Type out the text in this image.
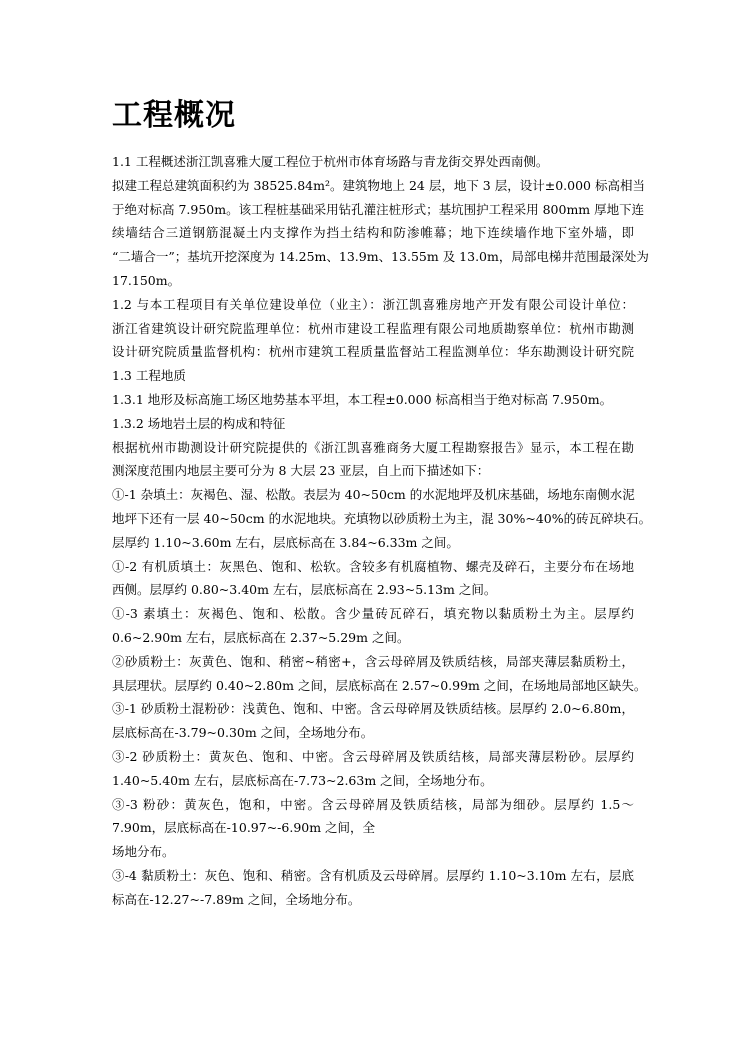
工程概况
1.1 工程概述浙江凯喜雅大厦工程位于杭州市体育场路与青龙街交界处西南侧。
拟建工程总建筑面积约为 38525.84m²。建筑物地上 24 层，地下 3 层，设计±0.000 标高相当
于绝对标高 7.950m。该工程桩基础采用钻孔灌注桩形式；基坑围护工程采用 800mm 厚地下连
续墙结合三道钢筋混凝土内支撑作为挡土结构和防渗帷幕；地下连续墙作地下室外墙，即
“二墙合一”；基坑开挖深度为 14.25m、13.9m、13.55m 及 13.0m，局部电梯井范围最深处为
17.150m。
1.2 与本工程项目有关单位建设单位（业主）：浙江凯喜雅房地产开发有限公司设计单位：
浙江省建筑设计研究院监理单位：杭州市建设工程监理有限公司地质勘察单位：杭州市勘测
设计研究院质量监督机构：杭州市建筑工程质量监督站工程监测单位：华东勘测设计研究院
1.3 工程地质
1.3.1 地形及标高施工场区地势基本平坦，本工程±0.000 标高相当于绝对标高 7.950m。
1.3.2 场地岩土层的构成和特征
根据杭州市勘测设计研究院提供的《浙江凯喜雅商务大厦工程勘察报告》显示，本工程在勘
测深度范围内地层主要可分为 8 大层 23 亚层，自上而下描述如下：
①-1 杂填土：灰褐色、湿、松散。表层为 40~50cm 的水泥地坪及机床基础，场地东南侧水泥
地坪下还有一层 40~50cm 的水泥地块。充填物以砂质粉土为主，混 30%~40%的砖瓦碎块石。
层厚约 1.10~3.60m 左右，层底标高在 3.84~6.33m 之间。
①-2 有机质填土：灰黑色、饱和、松软。含较多有机腐植物、螺壳及碎石，主要分布在场地
西侧。层厚约 0.80~3.40m 左右，层底标高在 2.93~5.13m 之间。
①-3 素填土：灰褐色、饱和、松散。含少量砖瓦碎石，填充物以黏质粉土为主。层厚约
0.6~2.90m 左右，层底标高在 2.37~5.29m 之间。
②砂质粉土：灰黄色、饱和、稍密~稍密+，含云母碎屑及铁质结核，局部夹薄层黏质粉土，
具层理状。层厚约 0.40~2.80m 之间，层底标高在 2.57~0.99m 之间，在场地局部地区缺失。
③-1 砂质粉土混粉砂：浅黄色、饱和、中密。含云母碎屑及铁质结核。层厚约 2.0~6.80m，
层底标高在-3.79~0.30m 之间，全场地分布。
③-2 砂质粉土：黄灰色、饱和、中密。含云母碎屑及铁质结核，局部夹薄层粉砂。层厚约
1.40~5.40m 左右，层底标高在-7.73~2.63m 之间，全场地分布。
③-3 粉砂：黄灰色，饱和，中密。含云母碎屑及铁质结核，局部为细砂。层厚约 1.5～
7.90m，层底标高在-10.97~-6.90m 之间，全
场地分布。
③-4 黏质粉土：灰色、饱和、稍密。含有机质及云母碎屑。层厚约 1.10~3.10m 左右，层底
标高在-12.27~-7.89m 之间，全场地分布。
